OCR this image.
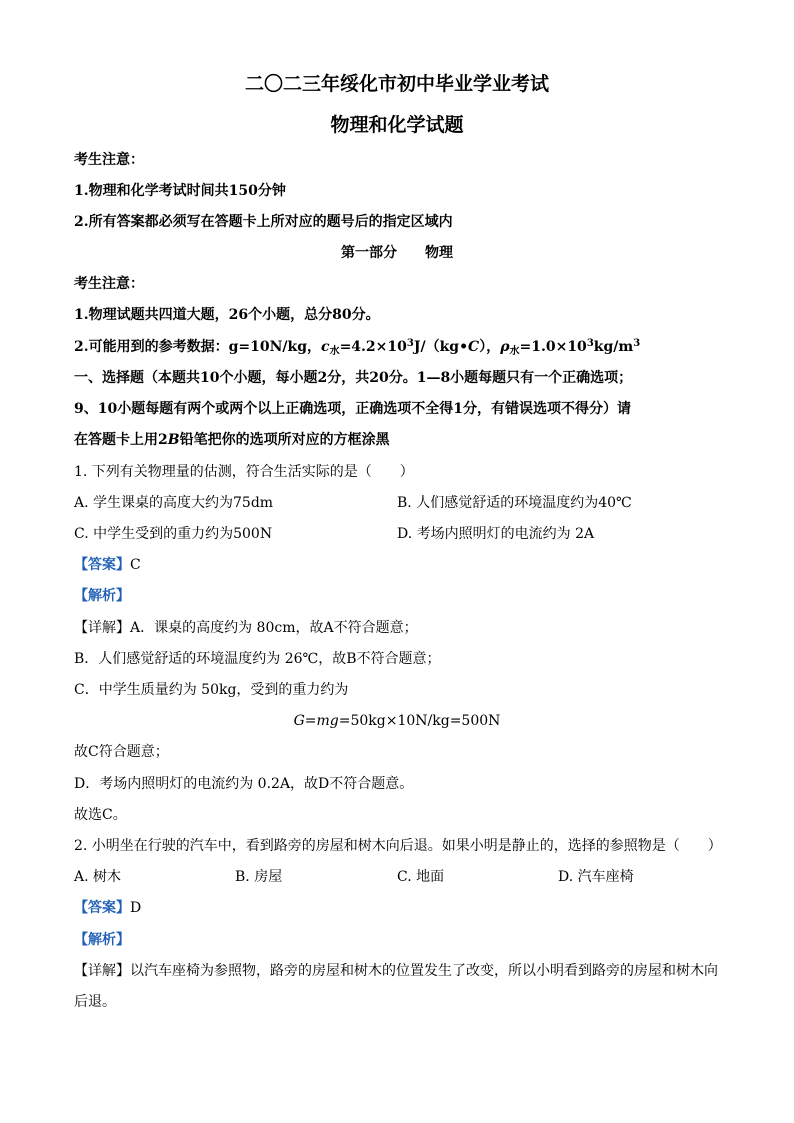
二〇二三年绥化市初中毕业学业考试
物理和化学试题
考生注意：
1.物理和化学考试时间共150分钟
2.所有答案都必须写在答题卡上所对应的题号后的指定区域内
第一部分　　物理
考生注意：
1.物理试题共四道大题，26个小题，总分80分。
2.可能用到的参考数据：g=10N/kg，$c_水=4.2\times 10^3J/(kg•C)$，$\rho_水=1.0\times 10^3kg/m^3$
一、选择题（本题共10个小题，每小题2分，共20分。1—8小题每题只有一个正确选项；
9、10小题每题有两个或两个以上正确选项，正确选项不全得1分，有错误选项不得分）请
在答题卡上用2B铅笔把你的选项所对应的方框涂黑
1. 下列有关物理量的估测，符合生活实际的是（　　）
A. 学生课桌的高度大约为75dm	B. 人们感觉舒适的环境温度约为40℃
C. 中学生受到的重力约为500N	D. 考场内照明灯的电流约为 2A
【答案】C
【解析】
【详解】A．课桌的高度约为 80cm，故A不符合题意；
B．人们感觉舒适的环境温度约为 26℃，故B不符合题意；
C．中学生质量约为 50kg，受到的重力约为
G=mg=50kg×10N/kg=500N
故C符合题意；
D．考场内照明灯的电流约为 0.2A，故D不符合题意。
故选C。
2. 小明坐在行驶的汽车中，看到路旁的房屋和树木向后退。如果小明是静止的，选择的参照物是（　　）
A. 树木	B. 房屋	C. 地面	D. 汽车座椅
【答案】D
【解析】
【详解】以汽车座椅为参照物，路旁的房屋和树木的位置发生了改变，所以小明看到路旁的房屋和树木向
后退。
